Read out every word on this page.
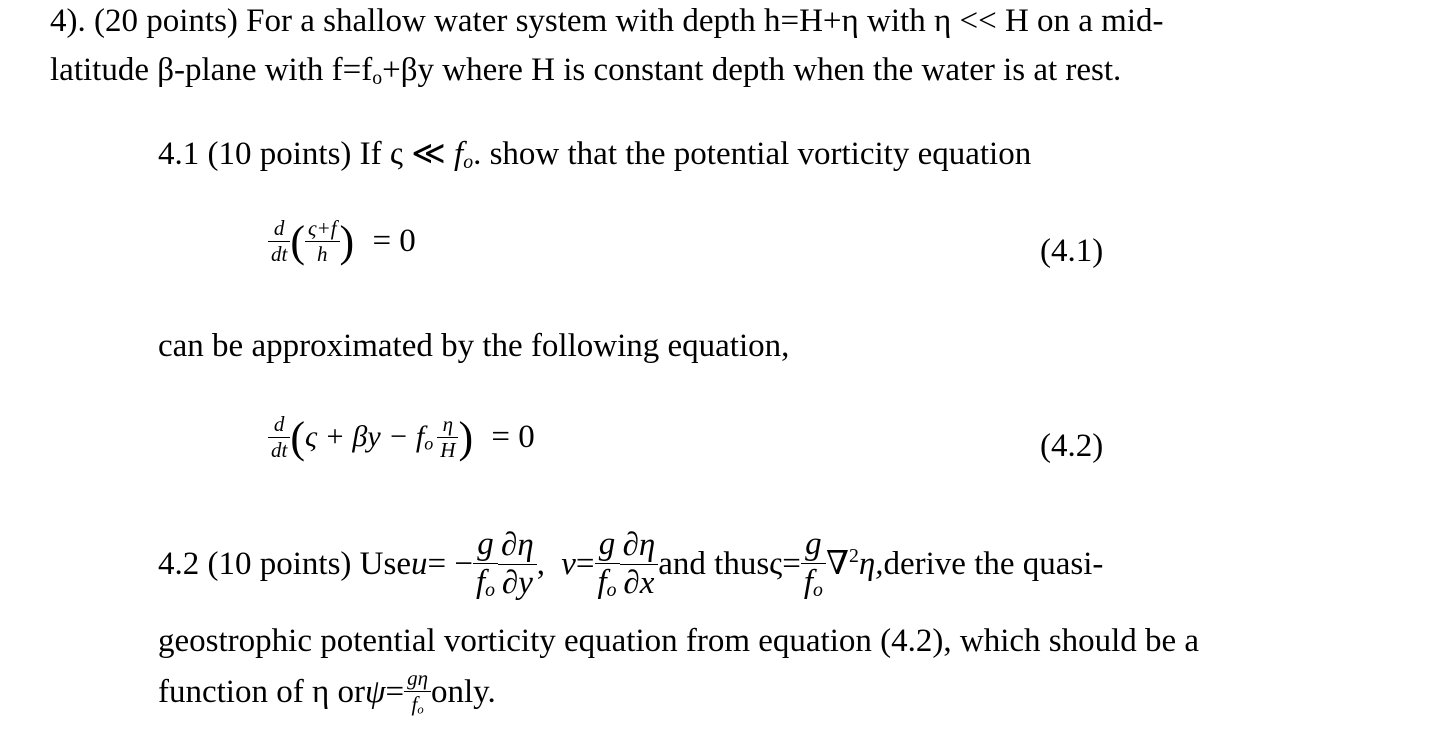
4). (20 points) For a shallow water system with depth h=H+η with η << H on a mid-
latitude β-plane with f=fo+βy where H is constant depth when the water is at rest.
4.1 (10 points) If ς ≪ fo. show that the potential vorticity equation
$\frac{d}{dt}$ ( $\frac{\varsigma+f}{h}$ ) = 0	(4.1)
can be approximated by the following equation,
$\frac{d}{dt} (\varsigma + \beta y - f_o \frac{\eta}{H}$ ) = 0	(4.2)
4.2 (10 points) Useu= − $\frac{g}{fo} \frac{\partial\eta}{\partial y}$ , $v= \frac{g}{fo} \frac{\partial\eta}{\partial x}$ and thusς= $\frac{g}{fo}$ ∇$^2$η,derive the quasi-
geostrophic potential vorticity equation from equation (4.2), which should be a
function of η $or\psi= \frac{g\eta}{f_o}$ only.
